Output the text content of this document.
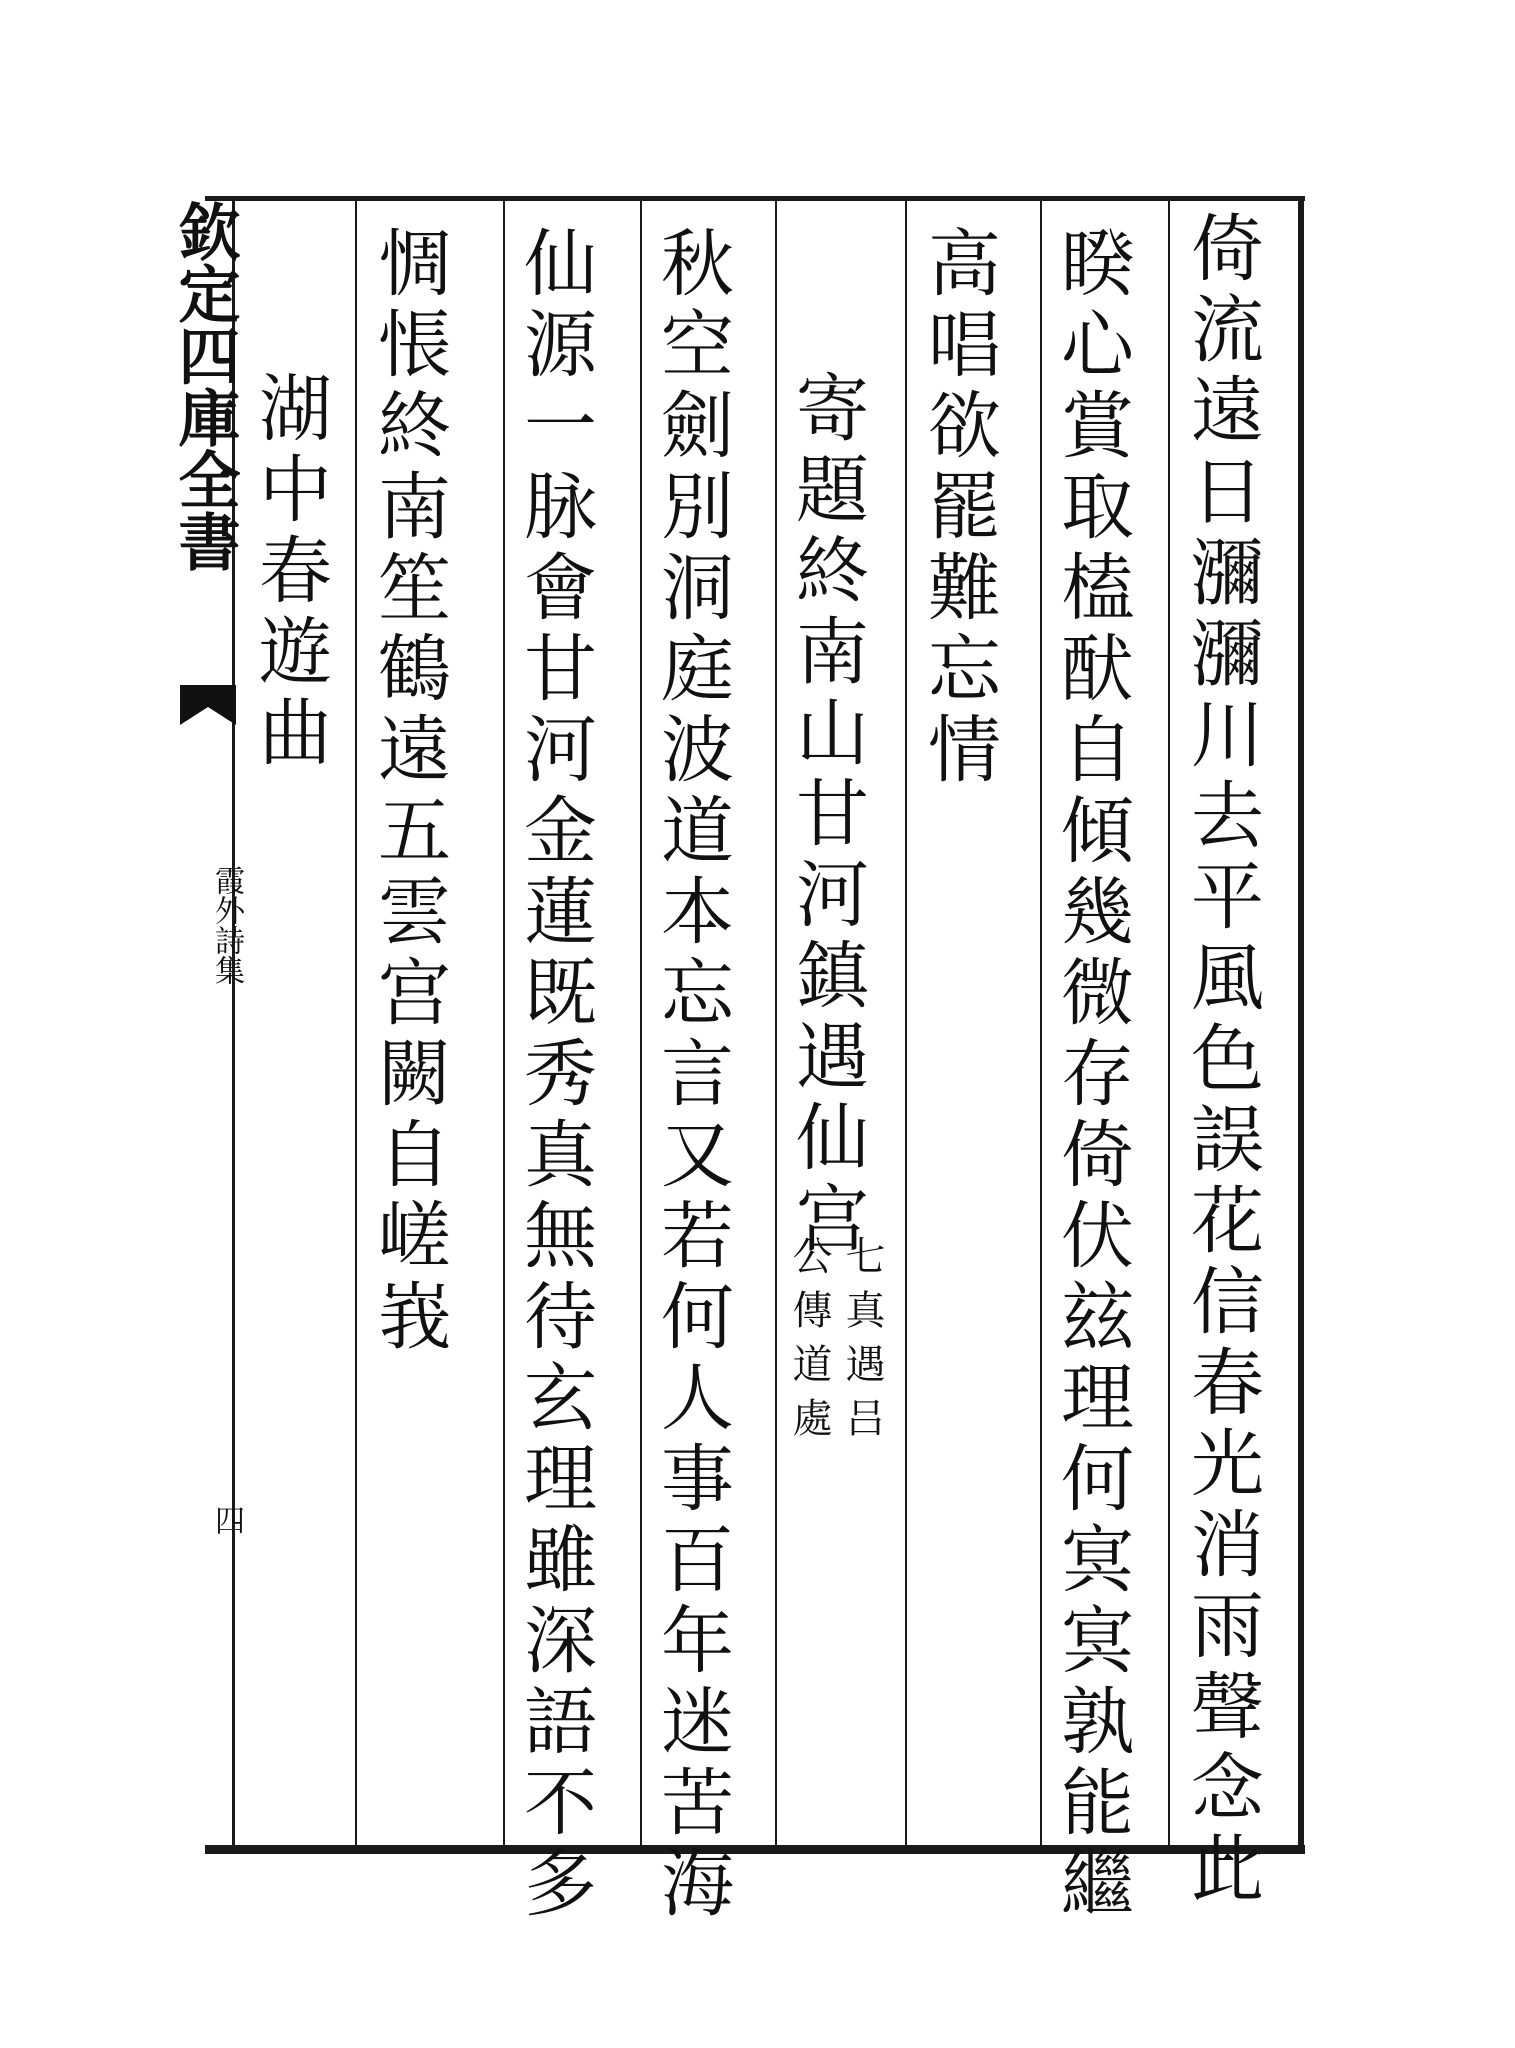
欽定四庫全書
霞外詩集
四	倚流遠日瀰瀰川去平風色誤花信春光消雨聲念此
睽心賞取榼䣭自傾幾微存倚伏玆理何㝠㝠孰能繼
高唱欲罷難忘情
寄題終南山甘河鎮遇仙宫
七真遇吕
公傳道處
秋空劍別洞庭波道本忘言又若何人事百年迷苦海
仙源一脉會甘河金蓮既秀真無待玄理雖深語不多
惆悵終南笙鶴遠五雲宫闕自嵯峩
湖中春遊曲
